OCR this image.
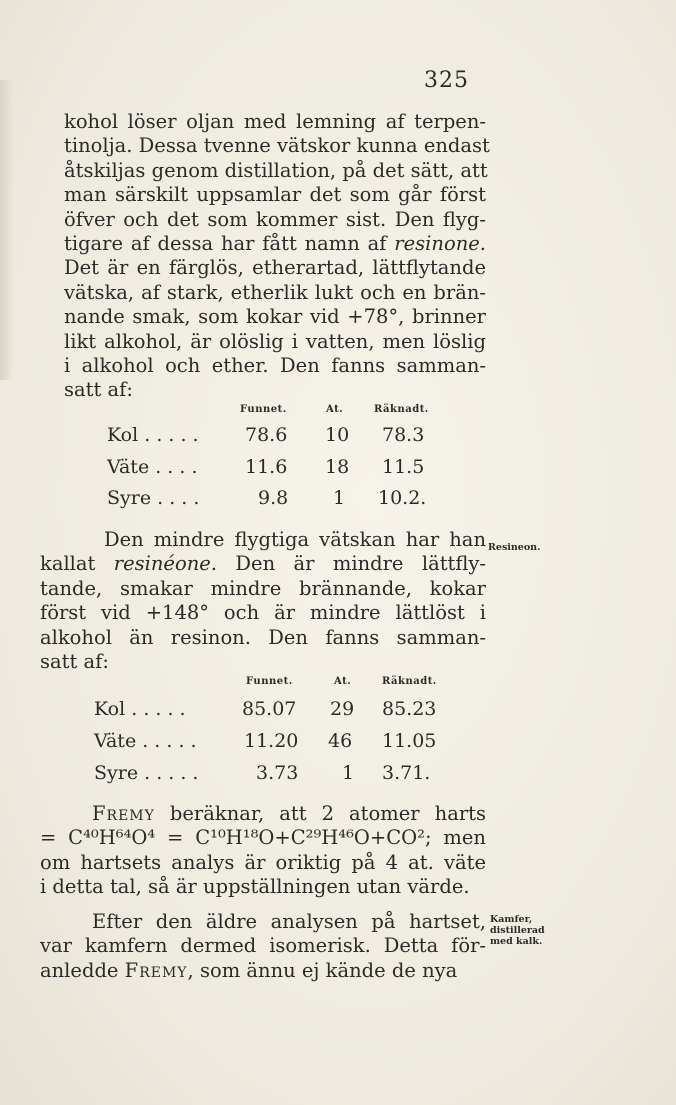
325
kohol löser oljan med lemning af terpen-
tinolja. Dessa tvenne vätskor kunna endast
åtskiljas genom distillation, på det sätt, att
man särskilt uppsamlar det som går först
öfver och det som kommer sist. Den flyg-
tigare af dessa har fått namn af resinone.
Det är en färglös, etherartad, lättflytande
vätska, af stark, etherlik lukt och en brän-
nande smak, som kokar vid +78°, brinner
likt alkohol, är olöslig i vatten, men löslig
i alkohol och ether. Den fanns samman-
satt af:
Funnet.	At.	Räknadt.
Kol . . . . . 78.6 10 78.3
Väte . . . . 11.6 18 11.5
Syre . . . .	9.8 1 10.2.
Den mindre flygtiga vätskan har han
kallat resinéone. Den är mindre lättfly-
tande, smakar mindre brännande, kokar
först vid +148° och är mindre lättlöst i
alkohol än resinon. Den fanns samman-
satt af:
Resineon.
Funnet.	At.	Räknadt.
Kol . . . . .	85.07 29 85.23
Väte . . . . . 11.20 46 11.05
Syre . . . . .	3.73 1 3.71.
Fremy beräknar, att 2 atomer harts
= C⁴⁰H⁶⁴O⁴ = C¹⁰H¹⁸O+C²⁹H⁴⁶O+CO²; men
om hartsets analys är oriktig på 4 at. väte
i detta tal, så är uppställningen utan värde.
Efter den äldre analysen på hartset,
var kamfern dermed isomerisk. Detta för-
anledde Fremy, som ännu ej kände de nya
Kamfer,
distillerad
med kalk.
